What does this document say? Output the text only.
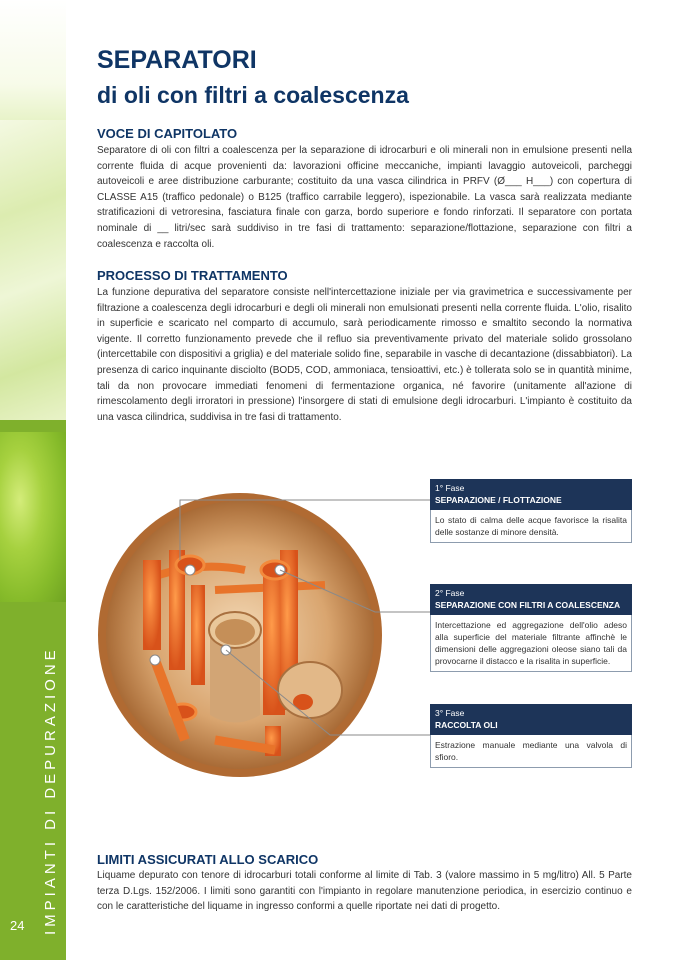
IMPIANTI DI DEPURAZIONE
24
SEPARATORI
di oli con filtri a coalescenza
VOCE DI CAPITOLATO
Separatore di oli con filtri a coalescenza per la separazione di idrocarburi e oli minerali non in emulsione presenti nella corrente fluida di acque provenienti da: lavorazioni officine meccaniche, impianti lavaggio autoveicoli, parcheggi autoveicoli e aree distribuzione carburante; costituito da una vasca cilindrica in PRFV (Ø___ H___) con copertura di CLASSE A15 (traffico pedonale) o B125 (traffico carrabile leggero), ispezionabile. La vasca sarà realizzata mediante stratificazioni di vetroresina, fasciatura finale con garza, bordo superiore e fondo rinforzati. Il separatore con portata nominale di __ litri/sec sarà suddiviso in tre fasi di trattamento: separazione/flottazione, separazione con filtri a coalescenza e raccolta oli.
PROCESSO DI TRATTAMENTO
La funzione depurativa del separatore consiste nell'intercettazione iniziale per via gravimetrica e successivamente per filtrazione a coalescenza degli idrocarburi e degli oli minerali non emulsionati presenti nella corrente fluida. L'olio, risalito in superficie e scaricato nel comparto di accumulo, sarà periodicamente rimosso e smaltito secondo la normativa vigente. Il corretto funzionamento prevede che il refluo sia preventivamente privato del materiale solido grossolano (intercettabile con dispositivi a griglia) e del materiale solido fine, separabile in vasche di decantazione (dissabbiatori). La presenza di carico inquinante disciolto (BOD5, COD, ammoniaca, tensioattivi, etc.) è tollerata solo se in quantità minime, tali da non provocare immediati fenomeni di fermentazione organica, né favorire (unitamente all'azione di rimescolamento degli irroratori in pressione) l'insorgere di stati di emulsione degli idrocarburi. L'impianto è costituito da una vasca cilindrica, suddivisa in tre fasi di trattamento.
1° Fase
SEPARAZIONE / FLOTTAZIONE
Lo stato di calma delle acque favorisce la risalita delle sostanze di minore densità.
2° Fase
SEPARAZIONE CON FILTRI A COALESCENZA
Intercettazione ed aggregazione dell'olio adeso alla superficie del materiale filtrante affinchè le dimensioni delle aggregazioni oleose siano tali da provocarne il distacco e la risalita in superficie.
3° Fase
RACCOLTA OLI
Estrazione manuale mediante una valvola di sfioro.
LIMITI ASSICURATI ALLO SCARICO
Liquame depurato con tenore di idrocarburi totali conforme al limite di Tab. 3 (valore massimo in 5 mg/litro) All. 5 Parte terza D.Lgs. 152/2006. I limiti sono garantiti con l'impianto in regolare manutenzione periodica, in esercizio continuo e con le caratteristiche del liquame in ingresso conformi a quelle riportate nei dati di progetto.
